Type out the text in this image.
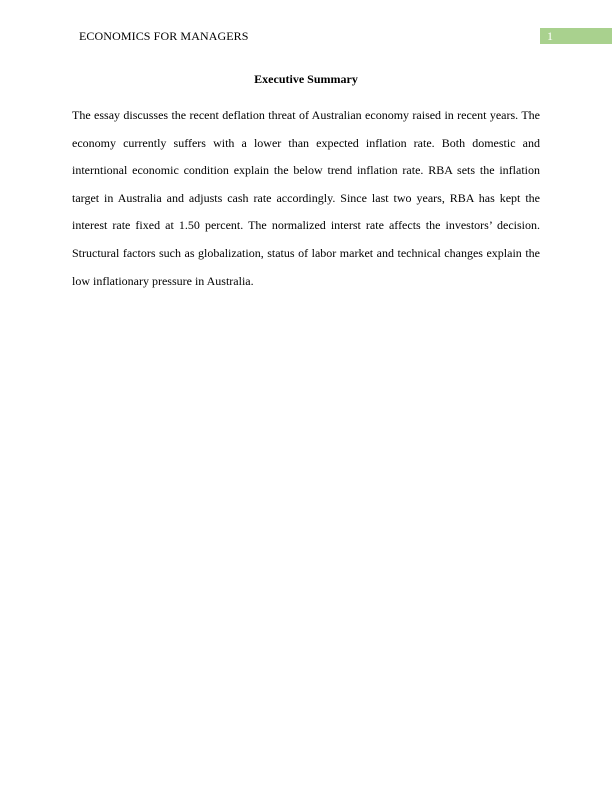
ECONOMICS FOR MANAGERS	1
Executive Summary

The essay discusses the recent deflation threat of Australian economy raised in recent years. The economy currently suffers with a lower than expected inflation rate. Both domestic and interntional economic condition explain the below trend inflation rate. RBA sets the inflation target in Australia and adjusts cash rate accordingly. Since last two years, RBA has kept the interest rate fixed at 1.50 percent. The normalized interst rate affects the investors’ decision. Structural factors such as globalization, status of labor market and technical changes explain the low inflationary pressure in Australia.
